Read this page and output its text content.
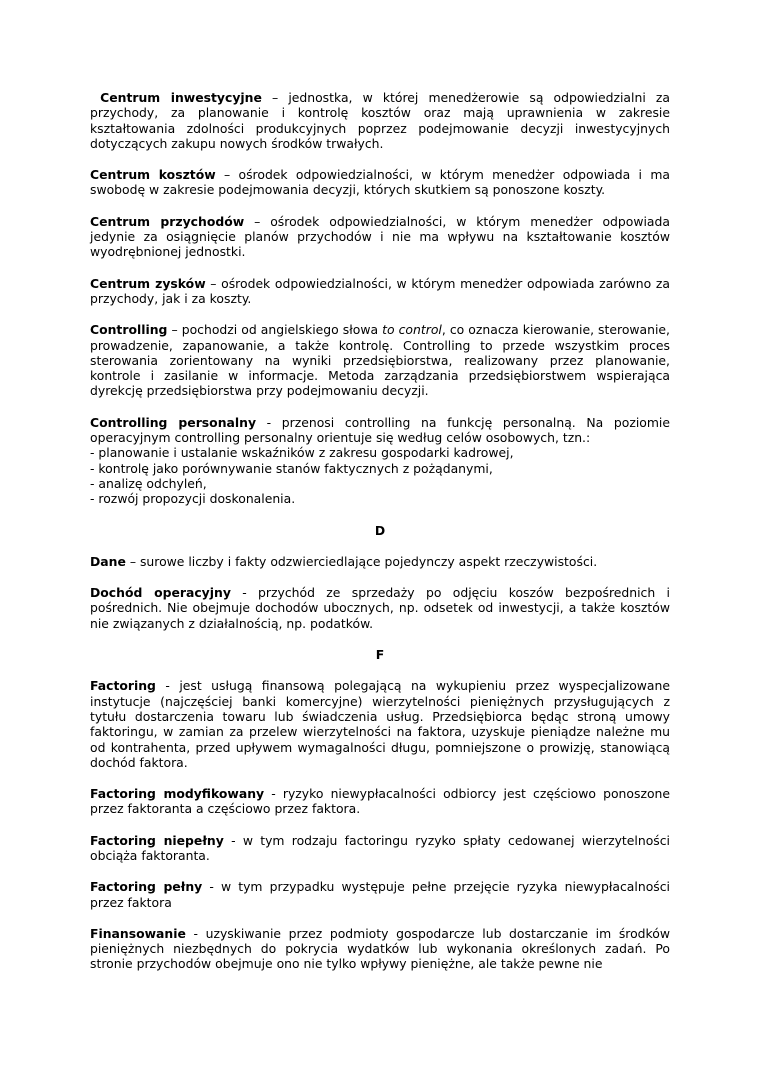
Centrum inwestycyjne – jednostka, w której menedżerowie są odpowiedzialni za przychody, za planowanie i kontrolę kosztów oraz mają uprawnienia w zakresie kształtowania zdolności produkcyjnych poprzez podejmowanie decyzji inwestycyjnych dotyczących zakupu nowych środków trwałych.

Centrum kosztów – ośrodek odpowiedzialności, w którym menedżer odpowiada i ma swobodę w zakresie podejmowania decyzji, których skutkiem są ponoszone koszty.

Centrum przychodów – ośrodek odpowiedzialności, w którym menedżer odpowiada jedynie za osiągnięcie planów przychodów i nie ma wpływu na kształtowanie kosztów wyodrębnionej jednostki.

Centrum zysków – ośrodek odpowiedzialności, w którym menedżer odpowiada zarówno za przychody, jak i za koszty.

Controlling – pochodzi od angielskiego słowa to control, co oznacza kierowanie, sterowanie, prowadzenie, zapanowanie, a także kontrolę. Controlling to przede wszystkim proces sterowania zorientowany na wyniki przedsiębiorstwa, realizowany przez planowanie, kontrole i zasilanie w informacje. Metoda zarządzania przedsiębiorstwem wspierająca dyrekcję przedsiębiorstwa przy podejmowaniu decyzji.

Controlling personalny - przenosi controlling na funkcję personalną. Na poziomie operacyjnym controlling personalny orientuje się według celów osobowych, tzn.:
- planowanie i ustalanie wskaźników z zakresu gospodarki kadrowej,
- kontrolę jako porównywanie stanów faktycznych z pożądanymi,
- analizę odchyleń,
- rozwój propozycji doskonalenia.

D

Dane – surowe liczby i fakty odzwierciedlające pojedynczy aspekt rzeczywistości.

Dochód operacyjny - przychód ze sprzedaży po odjęciu koszów bezpośrednich i pośrednich. Nie obejmuje dochodów ubocznych, np. odsetek od inwestycji, a także kosztów nie związanych z działalnością, np. podatków.

F

Factoring - jest usługą finansową polegającą na wykupieniu przez wyspecjalizowane instytucje (najczęściej banki komercyjne) wierzytelności pieniężnych przysługujących z tytułu dostarczenia towaru lub świadczenia usług. Przedsiębiorca będąc stroną umowy faktoringu, w zamian za przelew wierzytelności na faktora, uzyskuje pieniądze należne mu od kontrahenta, przed upływem wymagalności długu, pomniejszone o prowizję, stanowiącą dochód faktora.

Factoring modyfikowany - ryzyko niewypłacalności odbiorcy jest częściowo ponoszone przez faktoranta a częściowo przez faktora.

Factoring niepełny - w tym rodzaju factoringu ryzyko spłaty cedowanej wierzytelności obciąża faktoranta.

Factoring pełny - w tym przypadku występuje pełne przejęcie ryzyka niewypłacalności przez faktora

Finansowanie - uzyskiwanie przez podmioty gospodarcze lub dostarczanie im środków pieniężnych niezbędnych do pokrycia wydatków lub wykonania określonych zadań. Po stronie przychodów obejmuje ono nie tylko wpływy pieniężne, ale także pewne nie
